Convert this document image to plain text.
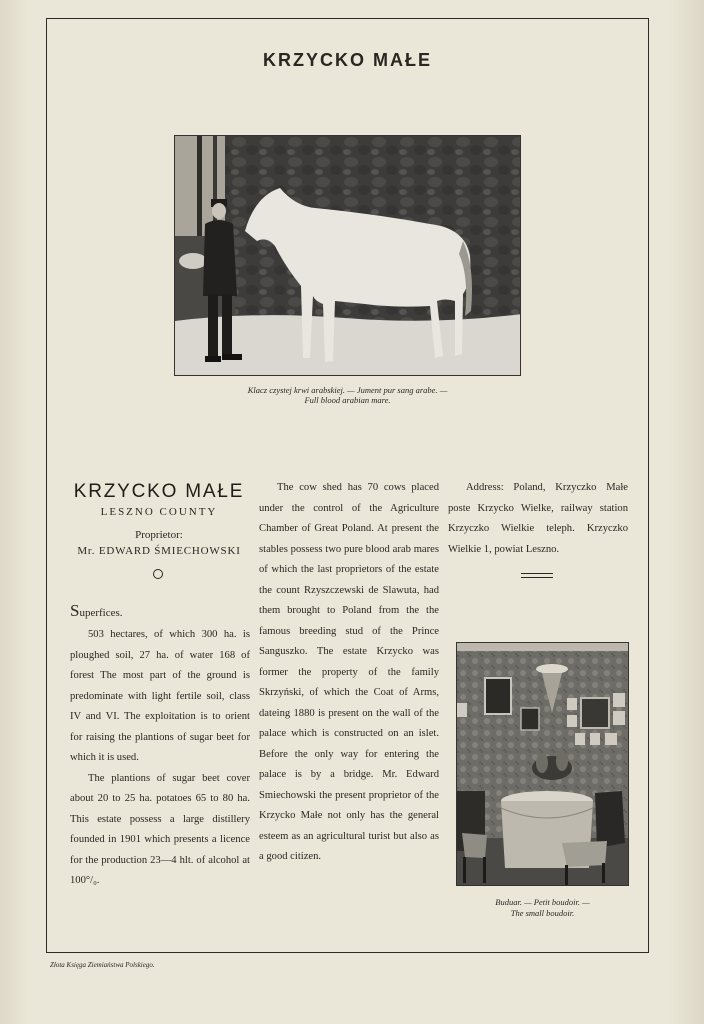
KRZYCKO MAŁE
Klacz czystej krwi arabskiej. — Jument pur sang arabe. —
Full blood arabian mare.
KRZYCKO MAŁE
LESZNO COUNTY
Proprietor:
Mr. EDWARD ŚMIECHOWSKI
Superfices.

503 hectares, of which 300 ha. is ploughed soil, 27 ha. of water 168 of forest The most part of the ground is predominate with light fertile soil, class IV and VI. The exploitation is to orient for raising the plantions of sugar beet for which it is used.

The plantions of sugar beet cover about 20 to 25 ha. potatoes 65 to 80 ha. This estate possess a large distillery founded in 1901 which presents a licence for the production 23—4 hlt. of alcohol at 100°/₀.

The cow shed has 70 cows placed under the control of the Agriculture Chamber of Great Poland. At present the stables possess two pure blood arab mares of which the last proprietors of the estate the count Rzyszczewski de Slawuta, had them brought to Poland from the the famous breeding stud of the Prince Sanguszko. The estate Krzycko was former the property of the family Skrzyński, of which the Coat of Arms, dateing 1880 is present on the wall of the palace which is constructed on an islet. Before the only way for entering the palace is by a bridge. Mr. Edward Smiechowski the present proprietor of the Krzycko Małe not only has the general esteem as an agricultural turist but also as a good citizen.

Address: Poland, Krzyczko Małe poste Krzycko Wielke, railway station Krzyczko Wielkie teleph. Krzyczko Wielkie 1, powiat Leszno.

Buduar. — Petit boudoir. —
The small boudoir.
Złota Księga Ziemiaństwa Polskiego.
